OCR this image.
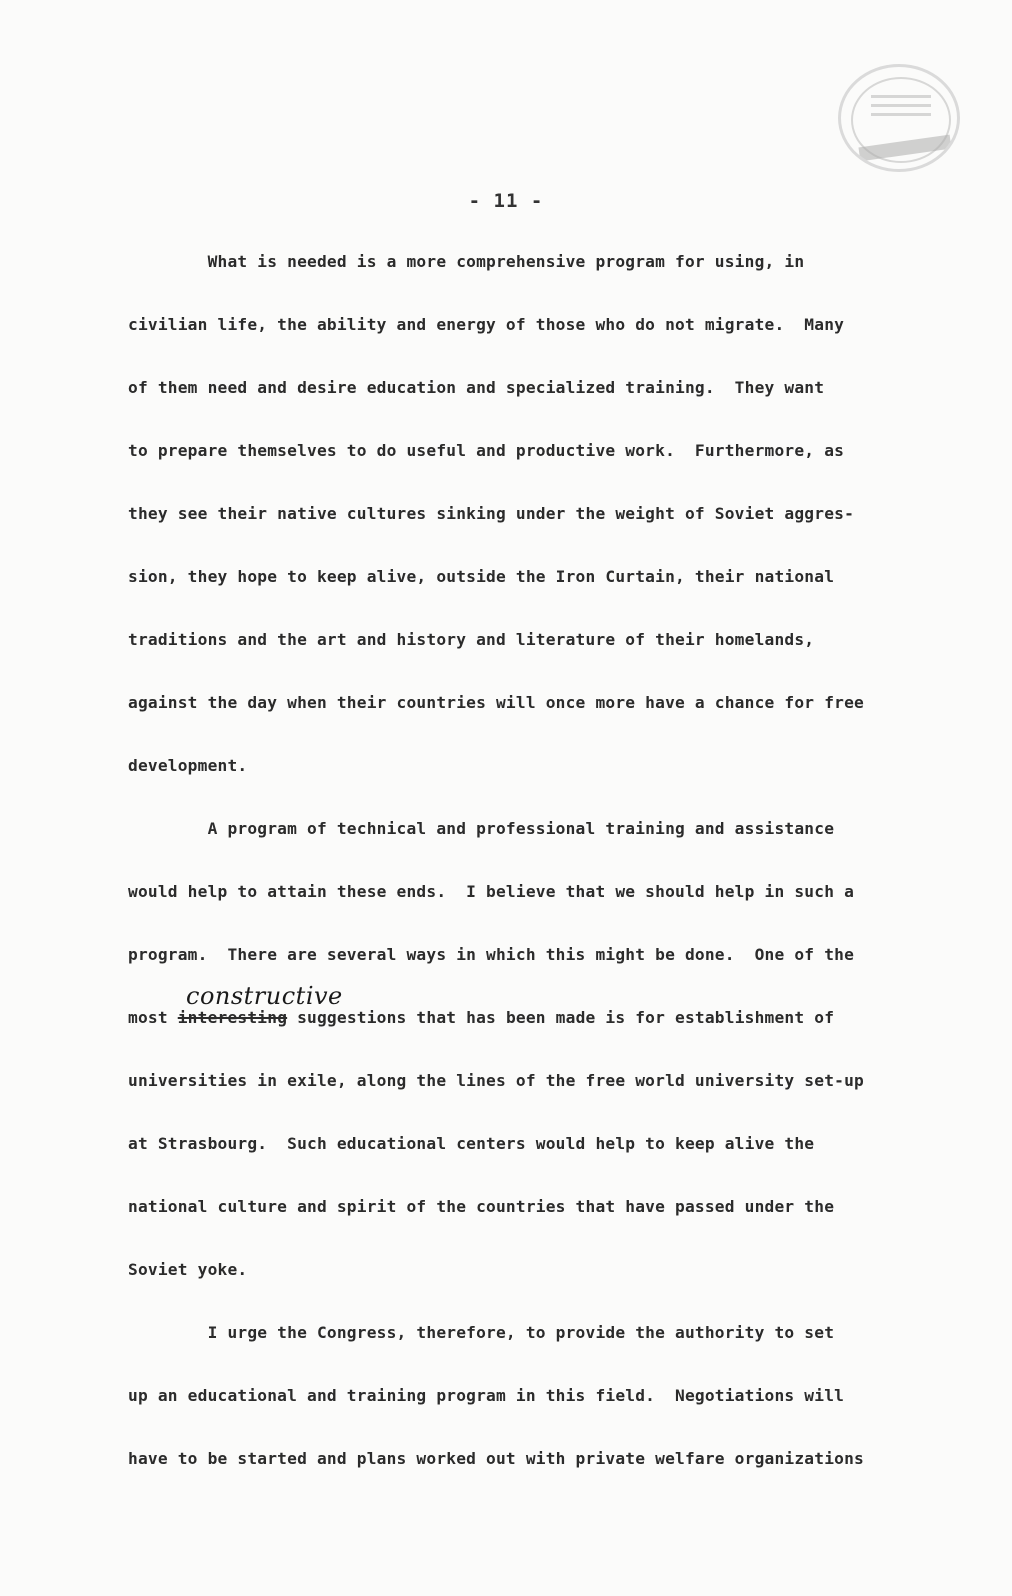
- 11 -
What is needed is a more comprehensive program for using, in
civilian life, the ability and energy of those who do not migrate.  Many
of them need and desire education and specialized training.  They want
to prepare themselves to do useful and productive work.  Furthermore, as
they see their native cultures sinking under the weight of Soviet aggres-
sion, they hope to keep alive, outside the Iron Curtain, their national
traditions and the art and history and literature of their homelands,
against the day when their countries will once more have a chance for free
development.
A program of technical and professional training and assistance
would help to attain these ends.  I believe that we should help in such a
program.  There are several ways in which this might be done.  One of the
most interesting suggestions that has been made is for establishment of
universities in exile, along the lines of the free world university set-up
at Strasbourg.  Such educational centers would help to keep alive the
national culture and spirit of the countries that have passed under the
Soviet yoke.
I urge the Congress, therefore, to provide the authority to set
up an educational and training program in this field.  Negotiations will
have to be started and plans worked out with private welfare organizations
constructive
